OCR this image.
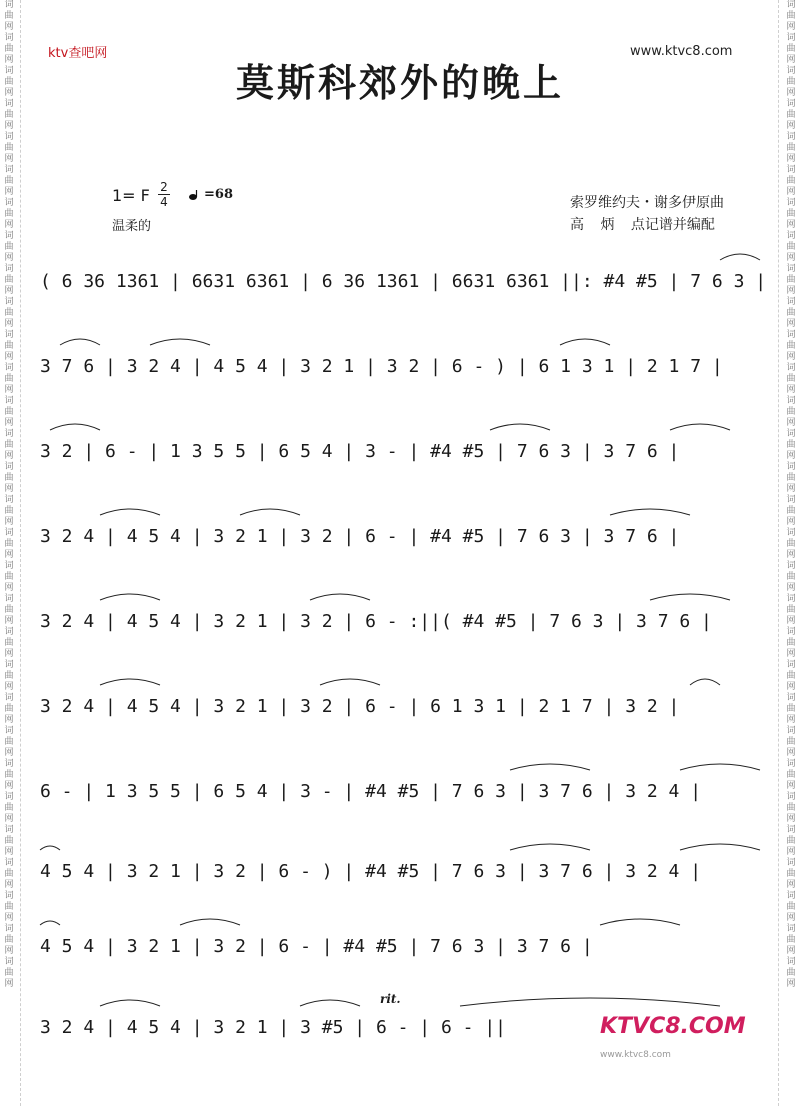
词曲网词曲网词曲网词曲网词曲网词曲网词曲网词曲网词曲网词曲网词曲网词曲网词曲网词曲网词曲网词曲网词曲网词曲网词曲网词曲网词曲网词曲网词曲网词曲网词曲网词曲网词曲网词曲网词曲网词曲网
词曲网词曲网词曲网词曲网词曲网词曲网词曲网词曲网词曲网词曲网词曲网词曲网词曲网词曲网词曲网词曲网词曲网词曲网词曲网词曲网词曲网词曲网词曲网词曲网词曲网词曲网词曲网词曲网词曲网词曲网
ktv查吧网	www.ktvc8.com
莫斯科郊外的晚上
1= F 2
4	=68
温柔的
索罗维约夫・谢多伊原曲
高 炳 点记谱并编配
( 6 36 1361 | 6631 6361 | 6 36 1361 | 6631 6361 ||: #4 #5 | 7 6 3 |
3 7 6 | 3 2 4 | 4 5 4 | 3 2 1 | 3 2 | 6 - ) | 6 1 3 1 | 2 1 7 |
3 2 | 6 - | 1 3 5 5 | 6 5 4 | 3 - | #4 #5 | 7 6 3 | 3 7 6 |
3 2 4 | 4 5 4 | 3 2 1 | 3 2 | 6 - | #4 #5 | 7 6 3 | 3 7 6 |
3 2 4 | 4 5 4 | 3 2 1 | 3 2 | 6 - :||( #4 #5 | 7 6 3 | 3 7 6 |
3 2 4 | 4 5 4 | 3 2 1 | 3 2 | 6 - | 6 1 3 1 | 2 1 7 | 3 2 |
6 - | 1 3 5 5 | 6 5 4 | 3 - | #4 #5 | 7 6 3 | 3 7 6 | 3 2 4 |
4 5 4 | 3 2 1 | 3 2 | 6 - ) | #4 #5 | 7 6 3 | 3 7 6 | 3 2 4 |
4 5 4 | 3 2 1 | 3 2 | 6 - | #4 #5 | 7 6 3 | 3 7 6 |
rit.
3 2 4 | 4 5 4 | 3 2 1 | 3 #5 | 6 - | 6 - ||	KTVC8.COM
www.ktvc8.com
